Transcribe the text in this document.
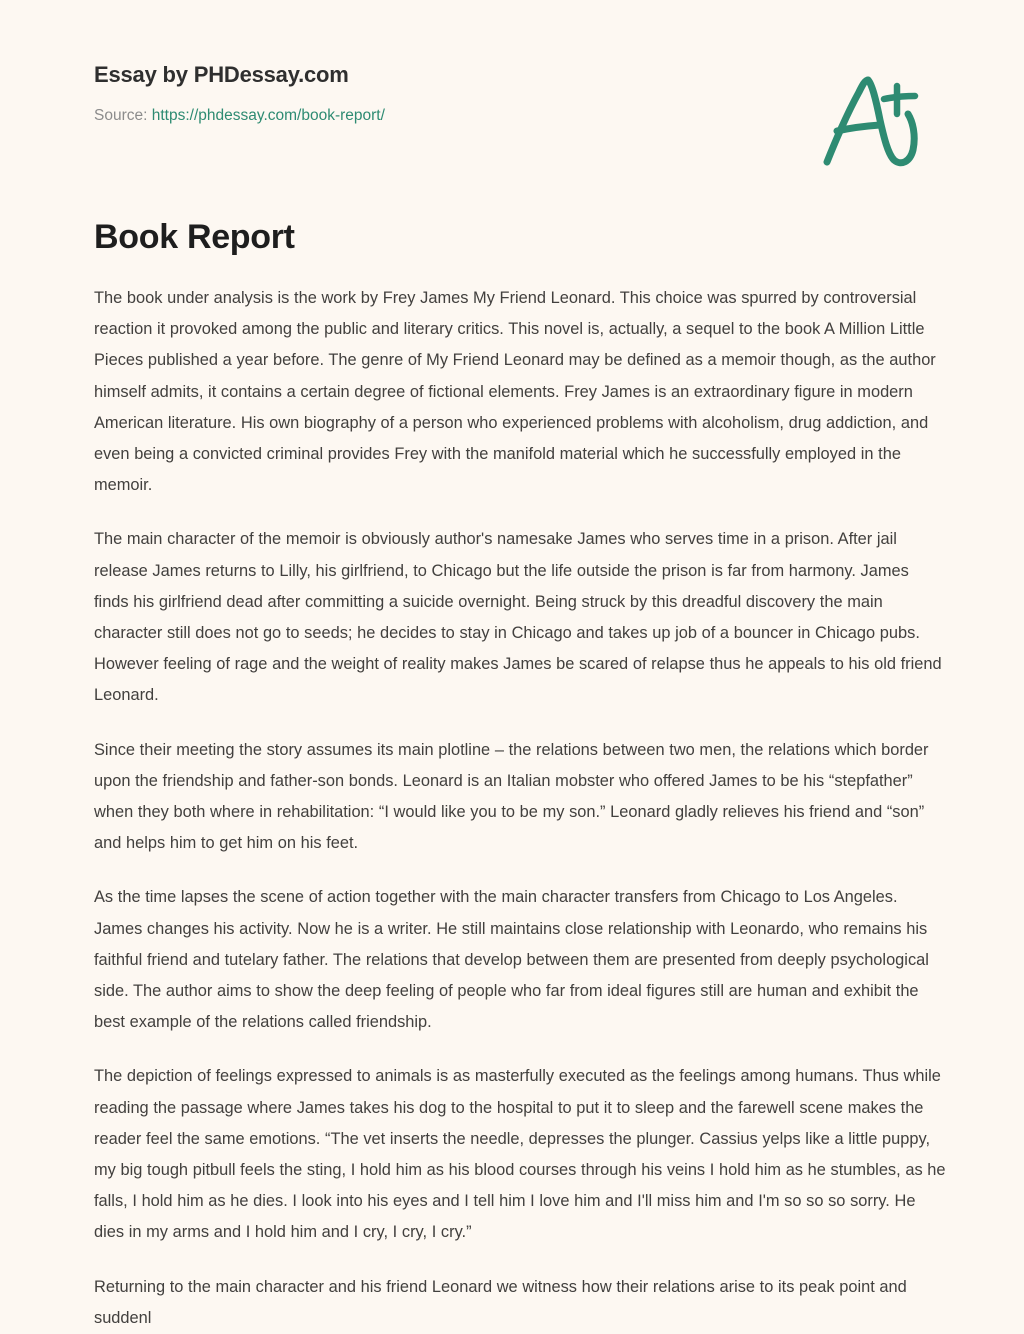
Essay by PHDessay.com

Source: https://phdessay.com/book-report/

Book Report

The book under analysis is the work by Frey James My Friend Leonard. This choice was spurred by controversial reaction it provoked among the public and literary critics. This novel is, actually, a sequel to the book A Million Little Pieces published a year before. The genre of My Friend Leonard may be defined as a memoir though, as the author himself admits, it contains a certain degree of fictional elements. Frey James is an extraordinary figure in modern American literature. His own biography of a person who experienced problems with alcoholism, drug addiction, and even being a convicted criminal provides Frey with the manifold material which he successfully employed in the memoir.

The main character of the memoir is obviously author's namesake James who serves time in a prison. After jail release James returns to Lilly, his girlfriend, to Chicago but the life outside the prison is far from harmony. James finds his girlfriend dead after committing a suicide overnight. Being struck by this dreadful discovery the main character still does not go to seeds; he decides to stay in Chicago and takes up job of a bouncer in Chicago pubs. However feeling of rage and the weight of reality makes James be scared of relapse thus he appeals to his old friend Leonard.

Since their meeting the story assumes its main plotline – the relations between two men, the relations which border upon the friendship and father-son bonds. Leonard is an Italian mobster who offered James to be his “stepfather” when they both where in rehabilitation: “I would like you to be my son.” Leonard gladly relieves his friend and “son” and helps him to get him on his feet.

As the time lapses the scene of action together with the main character transfers from Chicago to Los Angeles. James changes his activity. Now he is a writer. He still maintains close relationship with Leonardo, who remains his faithful friend and tutelary father. The relations that develop between them are presented from deeply psychological side. The author aims to show the deep feeling of people who far from ideal figures still are human and exhibit the best example of the relations called friendship.

The depiction of feelings expressed to animals is as masterfully executed as the feelings among humans. Thus while reading the passage where James takes his dog to the hospital to put it to sleep and the farewell scene makes the reader feel the same emotions. “The vet inserts the needle, depresses the plunger. Cassius yelps like a little puppy, my big tough pitbull feels the sting, I hold him as his blood courses through his veins I hold him as he stumbles, as he falls, I hold him as he dies. I look into his eyes and I tell him I love him and I'll miss him and I'm so so so sorry. He dies in my arms and I hold him and I cry, I cry, I cry.”

Returning to the main character and his friend Leonard we witness how their relations arise to its peak point and suddenl
